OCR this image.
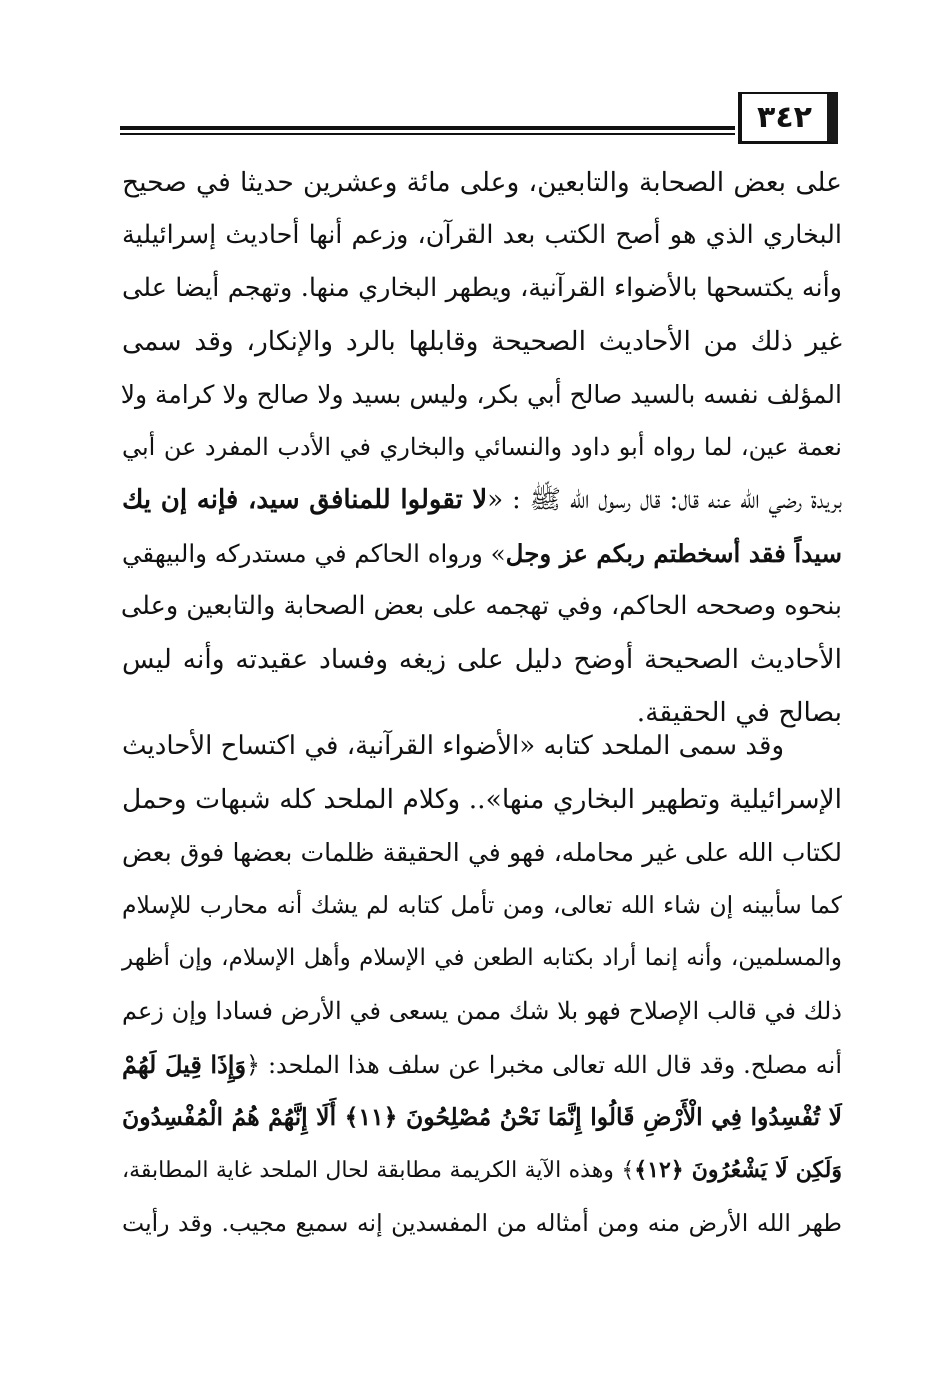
٣٤٢
على بعض الصحابة والتابعين، وعلى مائة وعشرين حديثا في صحيح
البخاري الذي هو أصح الكتب بعد القرآن، وزعم أنها أحاديث إسرائيلية
وأنه يكتسحها بالأضواء القرآنية، ويطهر البخاري منها. وتهجم أيضا على
غير ذلك من الأحاديث الصحيحة وقابلها بالرد والإنكار، وقد سمى
المؤلف نفسه بالسيد صالح أبي بكر، وليس بسيد ولا صالح ولا كرامة ولا
نعمة عين، لما رواه أبو داود والنسائي والبخاري في الأدب المفرد عن أبي
بريدة رضي الله عنه قال: قال رسول الله ﷺ : «لا تقولوا للمنافق سيد، فإنه إن يك
سيداً فقد أسخطتم ربكم عز وجل» ورواه الحاكم في مستدركه والبيهقي
بنحوه وصححه الحاكم، وفي تهجمه على بعض الصحابة والتابعين وعلى
الأحاديث الصحيحة أوضح دليل على زيغه وفساد عقيدته وأنه ليس
بصالح في الحقيقة.
وقد سمى الملحد كتابه «الأضواء القرآنية، في اكتساح الأحاديث
الإسرائيلية وتطهير البخاري منها».. وكلام الملحد كله شبهات وحمل
لكتاب الله على غير محامله، فهو في الحقيقة ظلمات بعضها فوق بعض
كما سأبينه إن شاء الله تعالى، ومن تأمل كتابه لم يشك أنه محارب للإسلام
والمسلمين، وأنه إنما أراد بكتابه الطعن في الإسلام وأهل الإسلام، وإن أظهر
ذلك في قالب الإصلاح فهو بلا شك ممن يسعى في الأرض فسادا وإن زعم
أنه مصلح. وقد قال الله تعالى مخبرا عن سلف هذا الملحد: ﴿وَإِذَا قِيلَ لَهُمْ
لَا تُفْسِدُوا فِي الْأَرْضِ قَالُوا إِنَّمَا نَحْنُ مُصْلِحُونَ ﴿١١﴾ أَلَا إِنَّهُمْ هُمُ الْمُفْسِدُونَ
وَلَكِن لَا يَشْعُرُونَ ﴿١٢﴾﴾ وهذه الآية الكريمة مطابقة لحال الملحد غاية المطابقة،
طهر الله الأرض منه ومن أمثاله من المفسدين إنه سميع مجيب. وقد رأيت
